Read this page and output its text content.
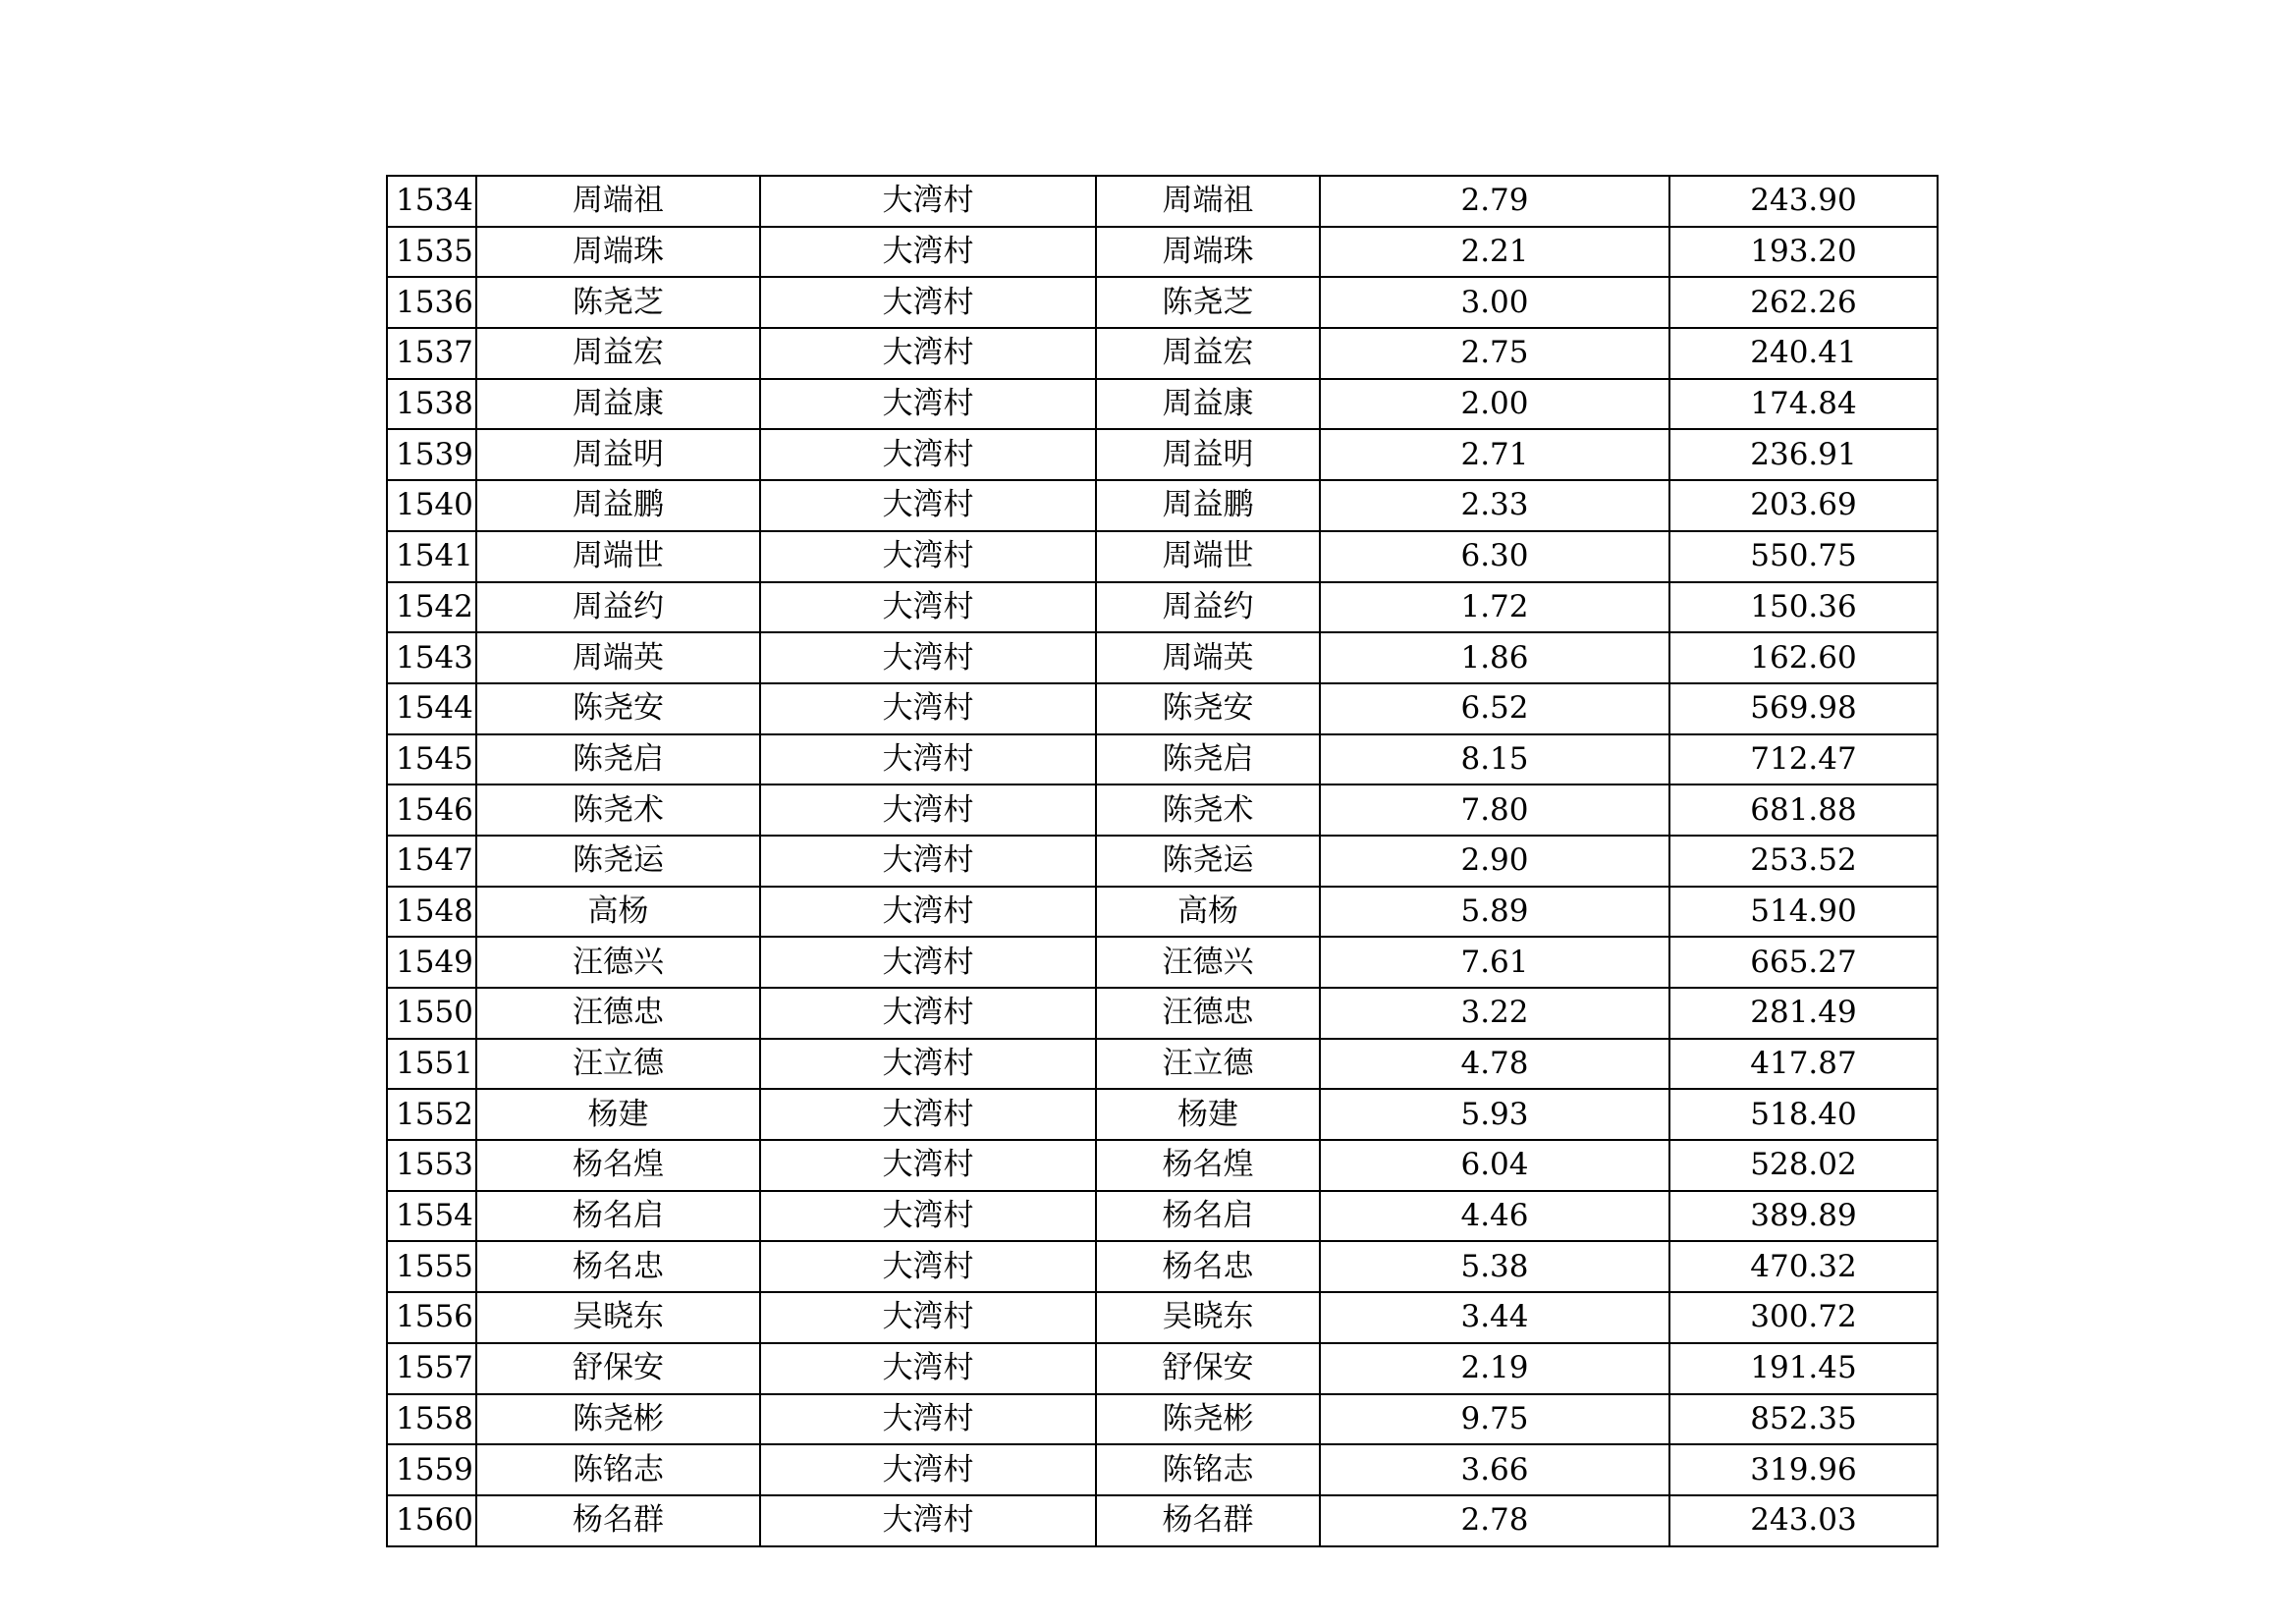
1534	周端祖	大湾村	周端祖	2.79	243.90
1535	周端珠	大湾村	周端珠	2.21	193.20
1536	陈尧芝	大湾村	陈尧芝	3.00	262.26
1537	周益宏	大湾村	周益宏	2.75	240.41
1538	周益康	大湾村	周益康	2.00	174.84
1539	周益明	大湾村	周益明	2.71	236.91
1540	周益鹏	大湾村	周益鹏	2.33	203.69
1541	周端世	大湾村	周端世	6.30	550.75
1542	周益约	大湾村	周益约	1.72	150.36
1543	周端英	大湾村	周端英	1.86	162.60
1544	陈尧安	大湾村	陈尧安	6.52	569.98
1545	陈尧启	大湾村	陈尧启	8.15	712.47
1546	陈尧术	大湾村	陈尧术	7.80	681.88
1547	陈尧运	大湾村	陈尧运	2.90	253.52
1548	高杨	大湾村	高杨	5.89	514.90
1549	汪德兴	大湾村	汪德兴	7.61	665.27
1550	汪德忠	大湾村	汪德忠	3.22	281.49
1551	汪立德	大湾村	汪立德	4.78	417.87
1552	杨建	大湾村	杨建	5.93	518.40
1553	杨名煌	大湾村	杨名煌	6.04	528.02
1554	杨名启	大湾村	杨名启	4.46	389.89
1555	杨名忠	大湾村	杨名忠	5.38	470.32
1556	吴晓东	大湾村	吴晓东	3.44	300.72
1557	舒保安	大湾村	舒保安	2.19	191.45
1558	陈尧彬	大湾村	陈尧彬	9.75	852.35
1559	陈铭志	大湾村	陈铭志	3.66	319.96
1560	杨名群	大湾村	杨名群	2.78	243.03
